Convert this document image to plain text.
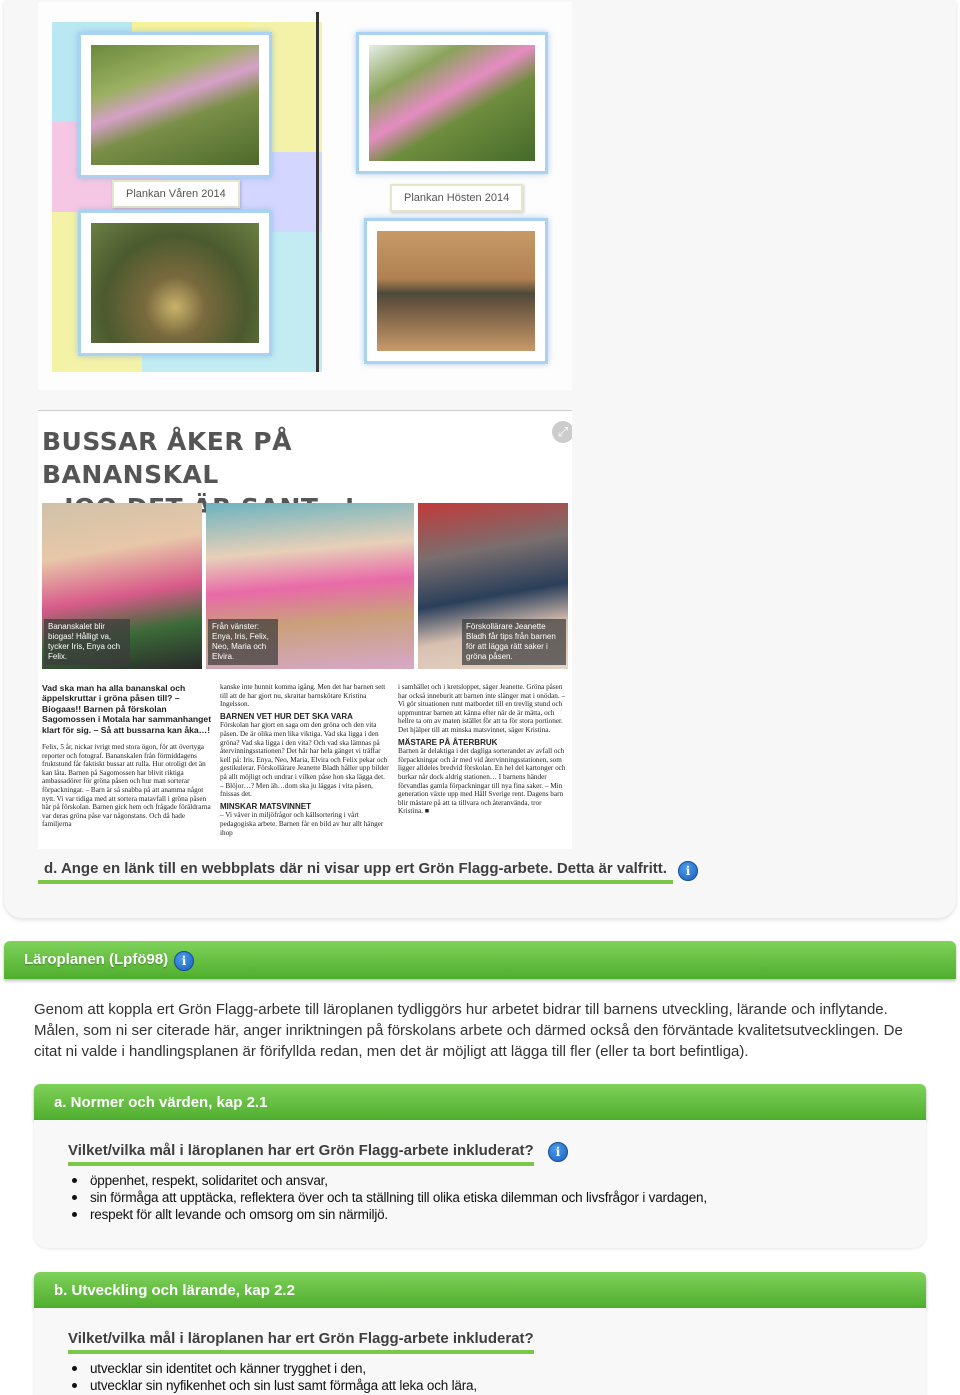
Plankan Våren 2014	Plankan Hösten 2014
BUSSAR ÅKER PÅ BANANSKAL
⤢
Bananskalet blir biogas! Hålligt va, tycker Iris, Enya och Felix.
Från vänster: Enya, Iris, Felix, Neo, Maria och Elvira.
Förskollärare Jeanette Bladh får tips från barnen för att lägga rätt saker i gröna påsen.
Vad ska man ha alla bananskal och äppelskruttar i gröna påsen till? – Biogaas!! Barnen på förskolan Sagomossen i Motala har sammanhanget klart för sig. – Så att bussarna kan åka…!
Felix, 5 år, nickar ivrigt med stora ögon, för att övertyga reporter och fotograf. Bananskalen från förmiddagens fruktstund får faktiskt bussar att rulla. Hur otroligt det än kan låta. Barnen på Sagomossen har blivit riktiga ambassadörer för gröna påsen och hur man sorterar förpackningar. – Barn är så snabba på att anamma något nytt. Vi var tidiga med att sortera matavfall i gröna påsen här på förskolan. Barnen gick hem och frågade föräldrarna var deras gröna påse var någonstans. Och då hade familjerna
kanske inte hunnit komma igång. Men det har barnen sett till att de har gjort nu, skrattar barnskötare Kristina Ingelsson.
BARNEN VET HUR DET SKA VARA
Förskolan har gjort en saga om den gröna och den vita påsen. De är olika men lika viktiga. Vad ska ligga i den gröna? Vad ska ligga i den vita? Och vad ska lämnas på återvinningsstationen? Det här har hela gänget vi träffar kell på: Iris, Enya, Neo, Maria, Elvira och Felix pekar och gestikulerar. Förskollärare Jeanette Bladh håller upp bilder på allt möjligt och undrar i vilken påse hon ska lägga det. – Blöjor…? Men äh…dom ska ju läggas i vita påsen, fnissas det.
MINSKAR MATSVINNET
– Vi väver in miljöfrågor och källsortering i vårt pedagogiska arbete. Barnen får en bild av hur allt hänger ihop
i samhället och i kretsloppet, säger Jeanette. Gröna påsen har också inneburit att barnen inte slänger mat i onödan. – Vi gör situationen runt matbordet till en trevlig stund och uppmuntrar barnen att känna efter när de är mätta, och hellre ta om av maten istället för att ta för stora portioner. Det hjälper till att minska matsvinnet, säger Kristina.
MÄSTARE PÅ ÅTERBRUK
Barnen är delaktiga i det dagliga sorterandet av avfall och förpackningar och är med vid återvinningsstationen, som ligger alldeles bredvid förskolan. En hel del kartonger och burkar når dock aldrig stationen… I barnens händer förvandlas gamla förpackningar till nya fina saker. – Min generation växte upp med Håll Sverige rent. Dagens barn blir mästare på att ta tillvara och återanvända, tror Kristina. ■
d. Ange en länk till en webbplats där ni visar upp ert Grön Flagg-arbete. Detta är valfritt.	i
Läroplanen (Lpfö98)	i
Genom att koppla ert Grön Flagg-arbete till läroplanen tydliggörs hur arbetet bidrar till barnens utveckling, lärande och inflytande. Målen, som ni ser citerade här, anger inriktningen på förskolans arbete och därmed också den förväntade kvalitetsutvecklingen. De citat ni valde i handlingsplanen är förifyllda redan, men det är möjligt att lägga till fler (eller ta bort befintliga).
a. Normer och värden, kap 2.1
Vilket/vilka mål i läroplanen har ert Grön Flagg-arbete inkluderat?	i
öppenhet, respekt, solidaritet och ansvar,
sin förmåga att upptäcka, reflektera över och ta ställning till olika etiska dilemman och livsfrågor i vardagen,
respekt för allt levande och omsorg om sin närmiljö.
b. Utveckling och lärande, kap 2.2
Vilket/vilka mål i läroplanen har ert Grön Flagg-arbete inkluderat?
utvecklar sin identitet och känner trygghet i den,
utvecklar sin nyfikenhet och sin lust samt förmåga att leka och lära,
